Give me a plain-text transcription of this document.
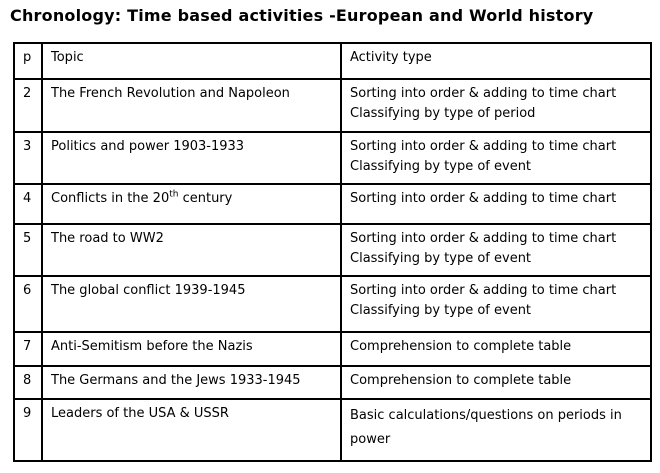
Chronology: Time based activities -European and World history
p	Topic	Activity type
2	The French Revolution and Napoleon	Sorting into order & adding to time chart
Classifying by type of period

3	Politics and power 1903-1933	Sorting into order & adding to time chart
Classifying by type of event

4	Conflicts in the 20th century	Sorting into order & adding to time chart

5	The road to WW2	Sorting into order & adding to time chart
Classifying by type of event

6	The global conflict 1939-1945	Sorting into order & adding to time chart
Classifying by type of event

7	Anti-Semitism before the Nazis	Comprehension to complete table

8	The Germans and the Jews 1933-1945	Comprehension to complete table

9	Leaders of the USA & USSR	Basic calculations/questions on periods in
power
